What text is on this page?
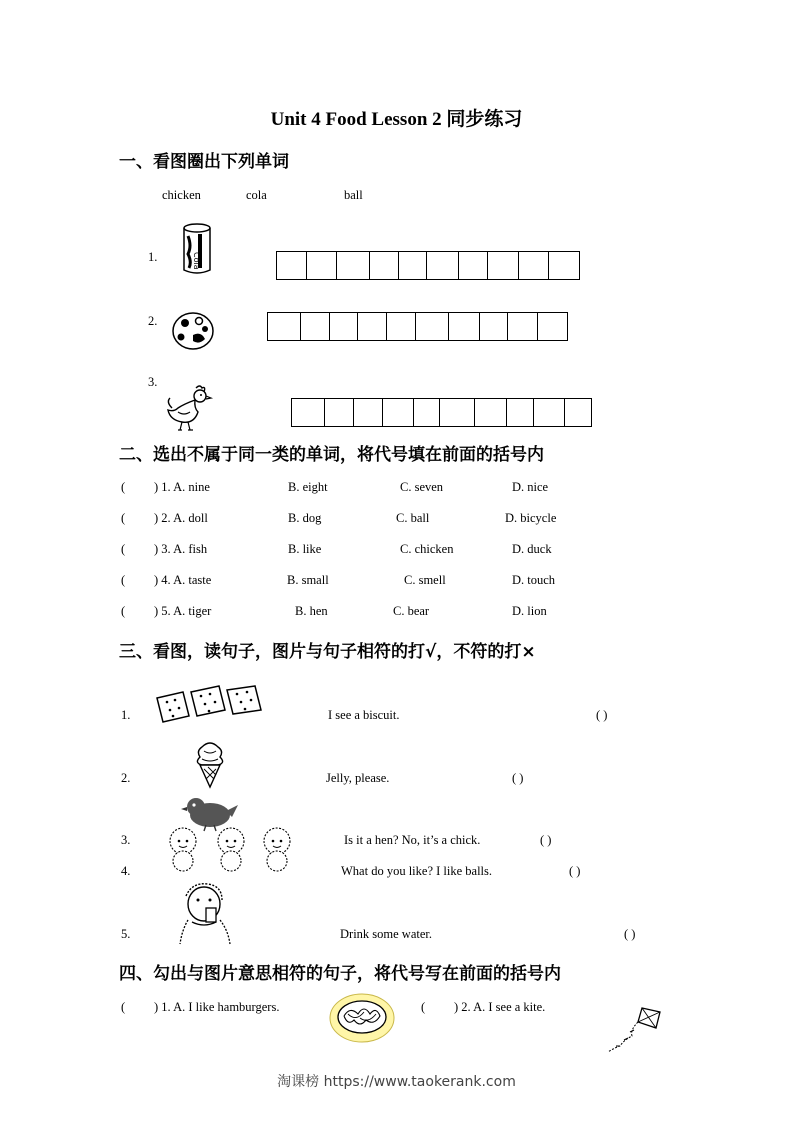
Unit 4 Food Lesson 2 同步练习
一、看图圈出下列单词
chicken	cola	ball
1.	Cola
2.
3.
二、选出不属于同一类的单词，将代号填在前面的括号内
( ) 1. A. nine	B. eight	C. seven	D. nice
( ) 2. A. doll	B. dog	C. ball	D. bicycle
( ) 3. A. fish	B. like	C. chicken	D. duck
( ) 4. A. taste	B. small	C. smell	D. touch
( ) 5. A. tiger	B. hen	C. bear	D. lion
三、看图，读句子，图片与句子相符的打√，不符的打×
1.	I see a biscuit.	( )
2.	Jelly, please.	( )
3.	Is it a hen? No, it’s a chick.	( )
4.	What do you like? I like balls.	( )
5.	Drink some water.	( )
四、勾出与图片意思相符的句子，将代号写在前面的括号内
( ) 1. A. I like hamburgers.	( ) 2. A. I see a kite.
淘课榜 https://www.taokerank.com
